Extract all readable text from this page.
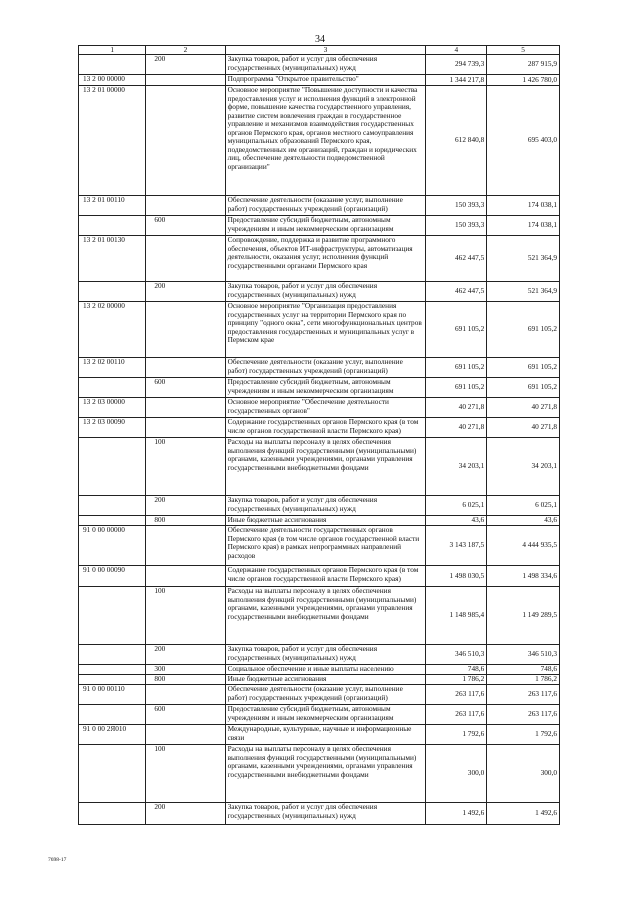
34
1	2	3	4	5
	200	Закупка товаров, работ и услуг для обеспечения государственных (муниципальных) нужд	294 739,3	287 915,9
13 2 00 00000		Подпрограмма "Открытое правительство"	1 344 217,8	1 426 780,0
13 2 01 00000		Основное мероприятие "Повышение доступности и качества предоставления услуг и исполнения функций в электронной форме, повышение качества государственного управления, развитие систем вовлечения граждан в государственное управление и механизмов взаимодействия государственных органов Пермского края, органов местного самоуправления муниципальных образований Пермского края, подведомственных им организаций, граждан и юридических лиц, обеспечение деятельности подведомственной организации"	612 840,8	695 403,0
13 2 01 00110		Обеспечение деятельности (оказание услуг, выполнение работ) государственных учреждений (организаций)	150 393,3	174 038,1
	600	Предоставление субсидий бюджетным, автономным учреждениям и иным некоммерческим организациям	150 393,3	174 038,1
13 2 01 00130		Сопровождение, поддержка и развитие программного обеспечения, объектов ИТ-инфраструктуры, автоматизация деятельности, оказания услуг, исполнения функций государственными органами Пермского края	462 447,5	521 364,9
	200	Закупка товаров, работ и услуг для обеспечения государственных (муниципальных) нужд	462 447,5	521 364,9
13 2 02 00000		Основное мероприятие "Организация предоставления государственных услуг на территории Пермского края по принципу "одного окна", сети многофункциональных центров предоставления государственных и муниципальных услуг в Пермском крае	691 105,2	691 105,2
13 2 02 00110		Обеспечение деятельности (оказание услуг, выполнение работ) государственных учреждений (организаций)	691 105,2	691 105,2
	600	Предоставление субсидий бюджетным, автономным учреждениям и иным некоммерческим организациям	691 105,2	691 105,2
13 2 03 00000		Основное мероприятие "Обеспечение деятельности государственных органов"	40 271,8	40 271,8
13 2 03 00090		Содержание государственных органов Пермского края (в том числе органов государственной власти Пермского края)	40 271,8	40 271,8
	100	Расходы на выплаты персоналу в целях обеспечения выполнения функций государственными (муниципальными) органами, казенными учреждениями, органами управления государственными внебюджетными фондами	34 203,1	34 203,1
	200	Закупка товаров, работ и услуг для обеспечения государственных (муниципальных) нужд	6 025,1	6 025,1
	800	Иные бюджетные ассигнования	43,6	43,6
91 0 00 00000		Обеспечение деятельности государственных органов Пермского края (в том числе органов государственной власти Пермского края) в рамках непрограммных направлений расходов	3 143 187,5	4 444 935,5
91 0 00 00090		Содержание государственных органов Пермского края (в том числе органов государственной власти Пермского края)	1 498 030,5	1 498 334,6
	100	Расходы на выплаты персоналу в целях обеспечения выполнения функций государственными (муниципальными) органами, казенными учреждениями, органами управления государственными внебюджетными фондами	1 148 985,4	1 149 289,5
	200	Закупка товаров, работ и услуг для обеспечения государственных (муниципальных) нужд	346 510,3	346 510,3
	300	Социальное обеспечение и иные выплаты населению	748,6	748,6
	800	Иные бюджетные ассигнования	1 786,2	1 786,2
91 0 00 00110		Обеспечение деятельности (оказание услуг, выполнение работ) государственных учреждений (организаций)	263 117,6	263 117,6
	600	Предоставление субсидий бюджетным, автономным учреждениям и иным некоммерческим организациям	263 117,6	263 117,6
91 0 00 2Я010		Международные, культурные, научные и информационные связи	1 792,6	1 792,6
	100	Расходы на выплаты персоналу в целях обеспечения выполнения функций государственными (муниципальными) органами, казенными учреждениями, органами управления государственными внебюджетными фондами	300,0	300,0
	200	Закупка товаров, работ и услуг для обеспечения государственных (муниципальных) нужд	1 492,6	1 492,6
7698-17
